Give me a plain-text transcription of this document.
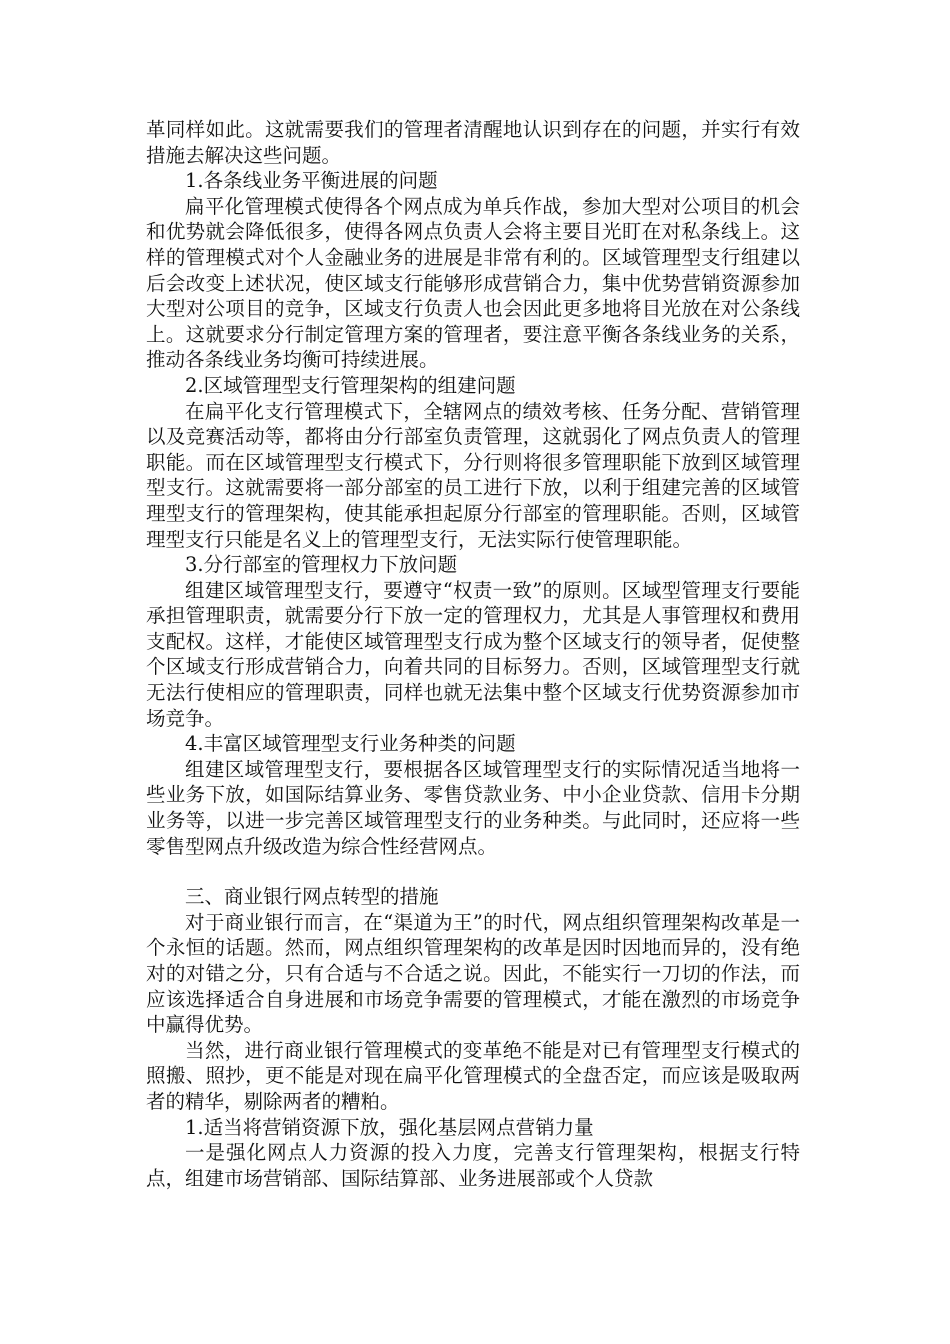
革同样如此。这就需要我们的管理者清醒地认识到存在的问题，并实行有效措施去解决这些问题。

1.各条线业务平衡进展的问题

扁平化管理模式使得各个网点成为单兵作战，参加大型对公项目的机会和优势就会降低很多，使得各网点负责人会将主要目光盯在对私条线上。这样的管理模式对个人金融业务的进展是非常有利的。区域管理型支行组建以后会改变上述状况，使区域支行能够形成营销合力，集中优势营销资源参加大型对公项目的竞争，区域支行负责人也会因此更多地将目光放在对公条线上。这就要求分行制定管理方案的管理者，要注意平衡各条线业务的关系，推动各条线业务均衡可持续进展。

2.区域管理型支行管理架构的组建问题

在扁平化支行管理模式下，全辖网点的绩效考核、任务分配、营销管理以及竞赛活动等，都将由分行部室负责管理，这就弱化了网点负责人的管理职能。而在区域管理型支行模式下，分行则将很多管理职能下放到区域管理型支行。这就需要将一部分部室的员工进行下放，以利于组建完善的区域管理型支行的管理架构，使其能承担起原分行部室的管理职能。否则，区域管理型支行只能是名义上的管理型支行，无法实际行使管理职能。

3.分行部室的管理权力下放问题

组建区域管理型支行，要遵守“权责一致”的原则。区域型管理支行要能承担管理职责，就需要分行下放一定的管理权力，尤其是人事管理权和费用支配权。这样，才能使区域管理型支行成为整个区域支行的领导者，促使整个区域支行形成营销合力，向着共同的目标努力。否则，区域管理型支行就无法行使相应的管理职责，同样也就无法集中整个区域支行优势资源参加市场竞争。

4.丰富区域管理型支行业务种类的问题

组建区域管理型支行，要根据各区域管理型支行的实际情况适当地将一些业务下放，如国际结算业务、零售贷款业务、中小企业贷款、信用卡分期业务等，以进一步完善区域管理型支行的业务种类。与此同时，还应将一些零售型网点升级改造为综合性经营网点。

三、商业银行网点转型的措施

对于商业银行而言，在“渠道为王”的时代，网点组织管理架构改革是一个永恒的话题。然而，网点组织管理架构的改革是因时因地而异的，没有绝对的对错之分，只有合适与不合适之说。因此，不能实行一刀切的作法，而应该选择适合自身进展和市场竞争需要的管理模式，才能在激烈的市场竞争中赢得优势。

当然，进行商业银行管理模式的变革绝不能是对已有管理型支行模式的照搬、照抄，更不能是对现在扁平化管理模式的全盘否定，而应该是吸取两者的精华，剔除两者的糟粕。

1.适当将营销资源下放，强化基层网点营销力量

一是强化网点人力资源的投入力度，完善支行管理架构，根据支行特点，组建市场营销部、国际结算部、业务进展部或个人贷款
